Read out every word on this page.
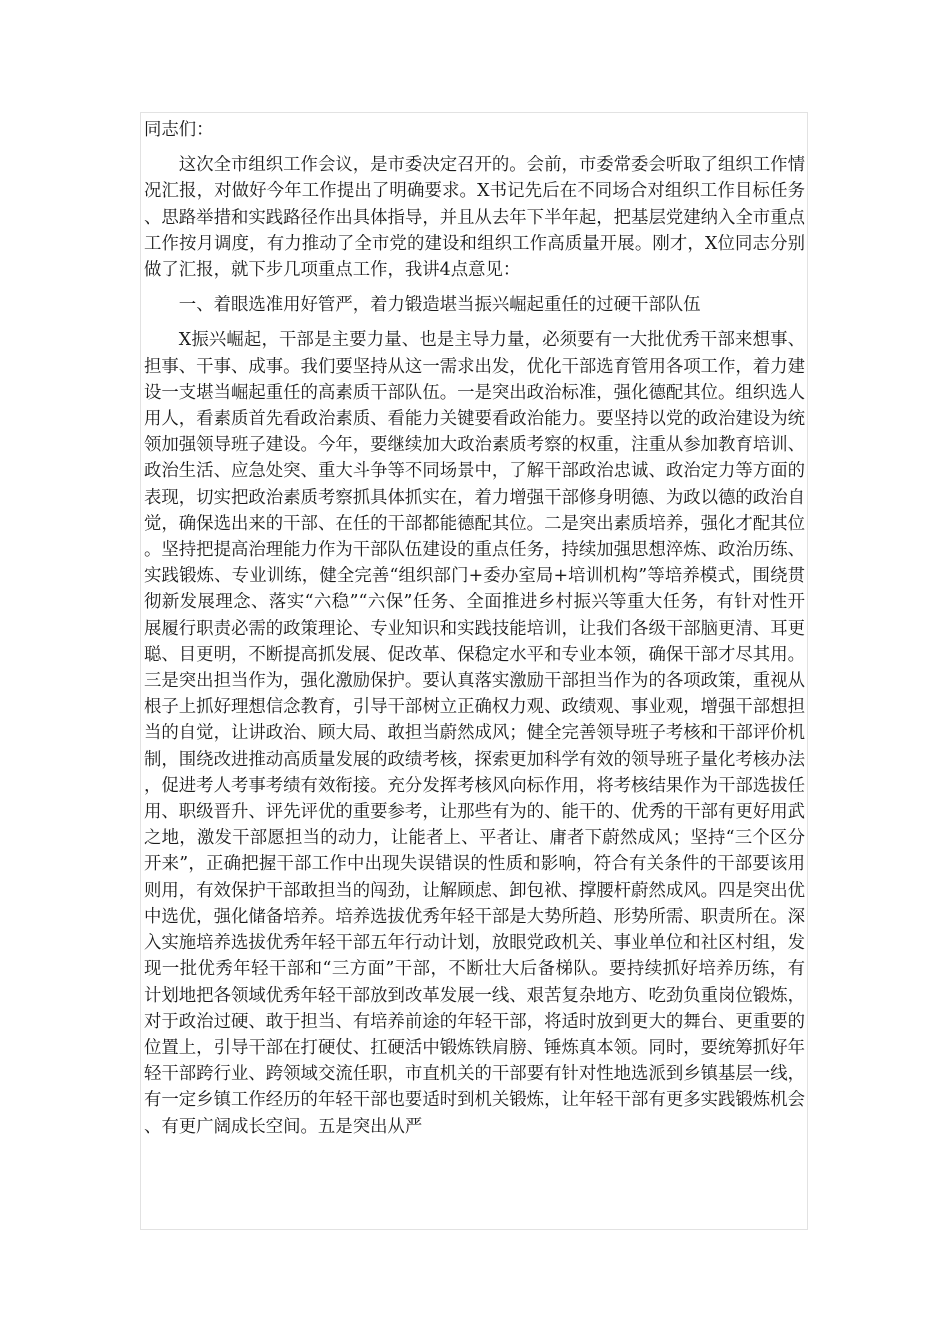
同志们：

这次全市组织工作会议，是市委决定召开的。会前，市委常委会听取了组织工作情况汇报，对做好今年工作提出了明确要求。X书记先后在不同场合对组织工作目标任务、思路举措和实践路径作出具体指导，并且从去年下半年起，把基层党建纳入全市重点工作按月调度，有力推动了全市党的建设和组织工作高质量开展。刚才，X位同志分别做了汇报，就下步几项重点工作，我讲4点意见：

一、着眼选准用好管严，着力锻造堪当振兴崛起重任的过硬干部队伍

X振兴崛起，干部是主要力量、也是主导力量，必须要有一大批优秀干部来想事、担事、干事、成事。我们要坚持从这一需求出发，优化干部选育管用各项工作，着力建设一支堪当崛起重任的高素质干部队伍。一是突出政治标准，强化德配其位。组织选人用人，看素质首先看政治素质、看能力关键要看政治能力。要坚持以党的政治建设为统领加强领导班子建设。今年，要继续加大政治素质考察的权重，注重从参加教育培训、政治生活、应急处突、重大斗争等不同场景中，了解干部政治忠诚、政治定力等方面的表现，切实把政治素质考察抓具体抓实在，着力增强干部修身明德、为政以德的政治自觉，确保选出来的干部、在任的干部都能德配其位。二是突出素质培养，强化才配其位。坚持把提高治理能力作为干部队伍建设的重点任务，持续加强思想淬炼、政治历练、实践锻炼、专业训练，健全完善“组织部门+委办室局+培训机构”等培养模式，围绕贯彻新发展理念、落实“六稳”“六保”任务、全面推进乡村振兴等重大任务，有针对性开展履行职责必需的政策理论、专业知识和实践技能培训，让我们各级干部脑更清、耳更聪、目更明，不断提高抓发展、促改革、保稳定水平和专业本领，确保干部才尽其用。三是突出担当作为，强化激励保护。要认真落实激励干部担当作为的各项政策，重视从根子上抓好理想信念教育，引导干部树立正确权力观、政绩观、事业观，增强干部想担当的自觉，让讲政治、顾大局、敢担当蔚然成风；健全完善领导班子考核和干部评价机制，围绕改进推动高质量发展的政绩考核，探索更加科学有效的领导班子量化考核办法，促进考人考事考绩有效衔接。充分发挥考核风向标作用，将考核结果作为干部选拔任用、职级晋升、评先评优的重要参考，让那些有为的、能干的、优秀的干部有更好用武之地，激发干部愿担当的动力，让能者上、平者让、庸者下蔚然成风；坚持“三个区分开来”，正确把握干部工作中出现失误错误的性质和影响，符合有关条件的干部要该用则用，有效保护干部敢担当的闯劲，让解顾虑、卸包袱、撑腰杆蔚然成风。四是突出优中选优，强化储备培养。培养选拔优秀年轻干部是大势所趋、形势所需、职责所在。深入实施培养选拔优秀年轻干部五年行动计划，放眼党政机关、事业单位和社区村组，发现一批优秀年轻干部和“三方面”干部，不断壮大后备梯队。要持续抓好培养历练，有计划地把各领域优秀年轻干部放到改革发展一线、艰苦复杂地方、吃劲负重岗位锻炼，对于政治过硬、敢于担当、有培养前途的年轻干部，将适时放到更大的舞台、更重要的位置上，引导干部在打硬仗、扛硬活中锻炼铁肩膀、锤炼真本领。同时，要统筹抓好年轻干部跨行业、跨领域交流任职，市直机关的干部要有针对性地选派到乡镇基层一线，有一定乡镇工作经历的年轻干部也要适时到机关锻炼，让年轻干部有更多实践锻炼机会、有更广阔成长空间。五是突出从严
